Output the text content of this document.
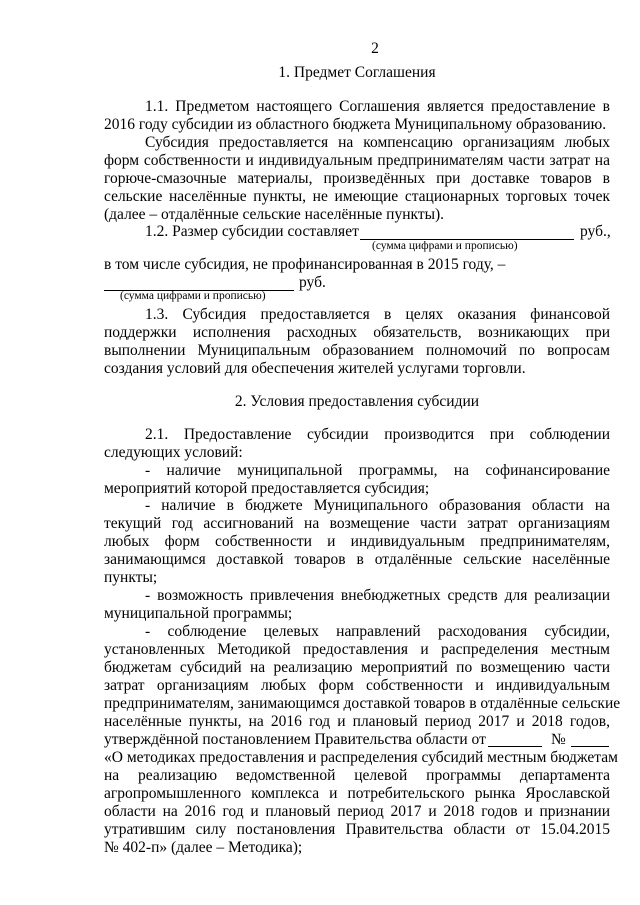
2
1. Предмет Соглашения
1.1. Предметом настоящего Соглашения является предоставление в
2016 году субсидии из областного бюджета Муниципальному образованию.
Субсидия предоставляется на компенсацию организациям любых
форм собственности и индивидуальным предпринимателям части затрат на
горюче-смазочные материалы, произведённых при доставке товаров в
сельские населённые пункты, не имеющие стационарных торговых точек
(далее – отдалённые сельские населённые пункты).
1.2. Размер субсидии составляет	руб.,
(сумма цифрами и прописью)
в том числе субсидия, не профинансированная в 2015 году, –
руб.
(сумма цифрами и прописью)
1.3. Субсидия предоставляется в целях оказания финансовой
поддержки исполнения расходных обязательств, возникающих при
выполнении Муниципальным образованием полномочий по вопросам
создания условий для обеспечения жителей услугами торговли.
2. Условия предоставления субсидии
2.1. Предоставление субсидии производится при соблюдении
следующих условий:
- наличие муниципальной программы, на софинансирование
мероприятий которой предоставляется субсидия;
- наличие в бюджете Муниципального образования области на
текущий год ассигнований на возмещение части затрат организациям
любых форм собственности и индивидуальным предпринимателям,
занимающимся доставкой товаров в отдалённые сельские населённые
пункты;
- возможность привлечения внебюджетных средств для реализации
муниципальной программы;
- соблюдение целевых направлений расходования субсидии,
установленных Методикой предоставления и распределения местным
бюджетам субсидий на реализацию мероприятий по возмещению части
затрат организациям любых форм собственности и индивидуальным
предпринимателям, занимающимся доставкой товаров в отдалённые сельские
населённые пункты, на 2016 год и плановый период 2017 и 2018 годов,
утверждённой постановлением Правительства области от	№
«О методиках предоставления и распределения субсидий местным бюджетам
на реализацию ведомственной целевой программы департамента
агропромышленного комплекса и потребительского рынка Ярославской
области на 2016 год и плановый период 2017 и 2018 годов и признании
утратившим силу постановления Правительства области от 15.04.2015
№ 402-п» (далее – Методика);
